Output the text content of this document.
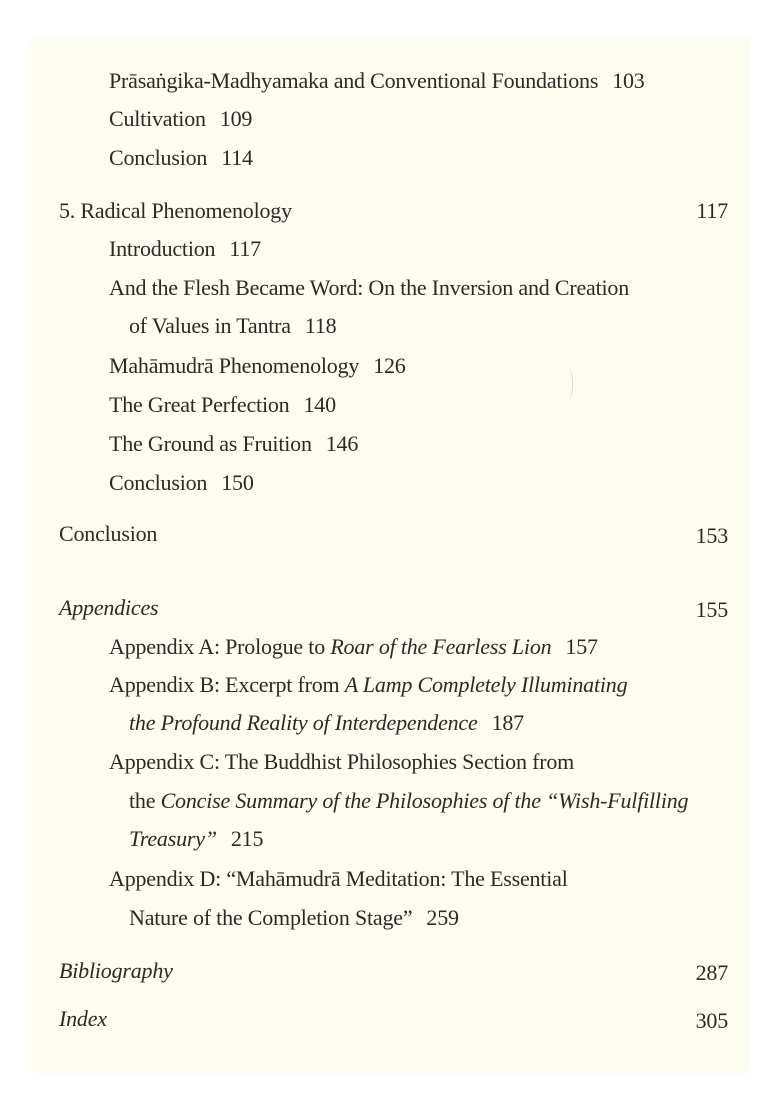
Prāsaṅgika-Madhyamaka and Conventional Foundations 103
Cultivation 109
Conclusion 114
5. Radical Phenomenology	117
Introduction 117
And the Flesh Became Word: On the Inversion and Creation
of Values in Tantra 118
Mahāmudrā Phenomenology 126
The Great Perfection 140
The Ground as Fruition 146
Conclusion 150
Conclusion	153
Appendices	155
Appendix A: Prologue to Roar of the Fearless Lion 157
Appendix B: Excerpt from A Lamp Completely Illuminating
the Profound Reality of Interdependence 187
Appendix C: The Buddhist Philosophies Section from
the Concise Summary of the Philosophies of the “Wish-Fulfilling
Treasury” 215
Appendix D: “Mahāmudrā Meditation: The Essential
Nature of the Completion Stage” 259
Bibliography	287
Index	305
